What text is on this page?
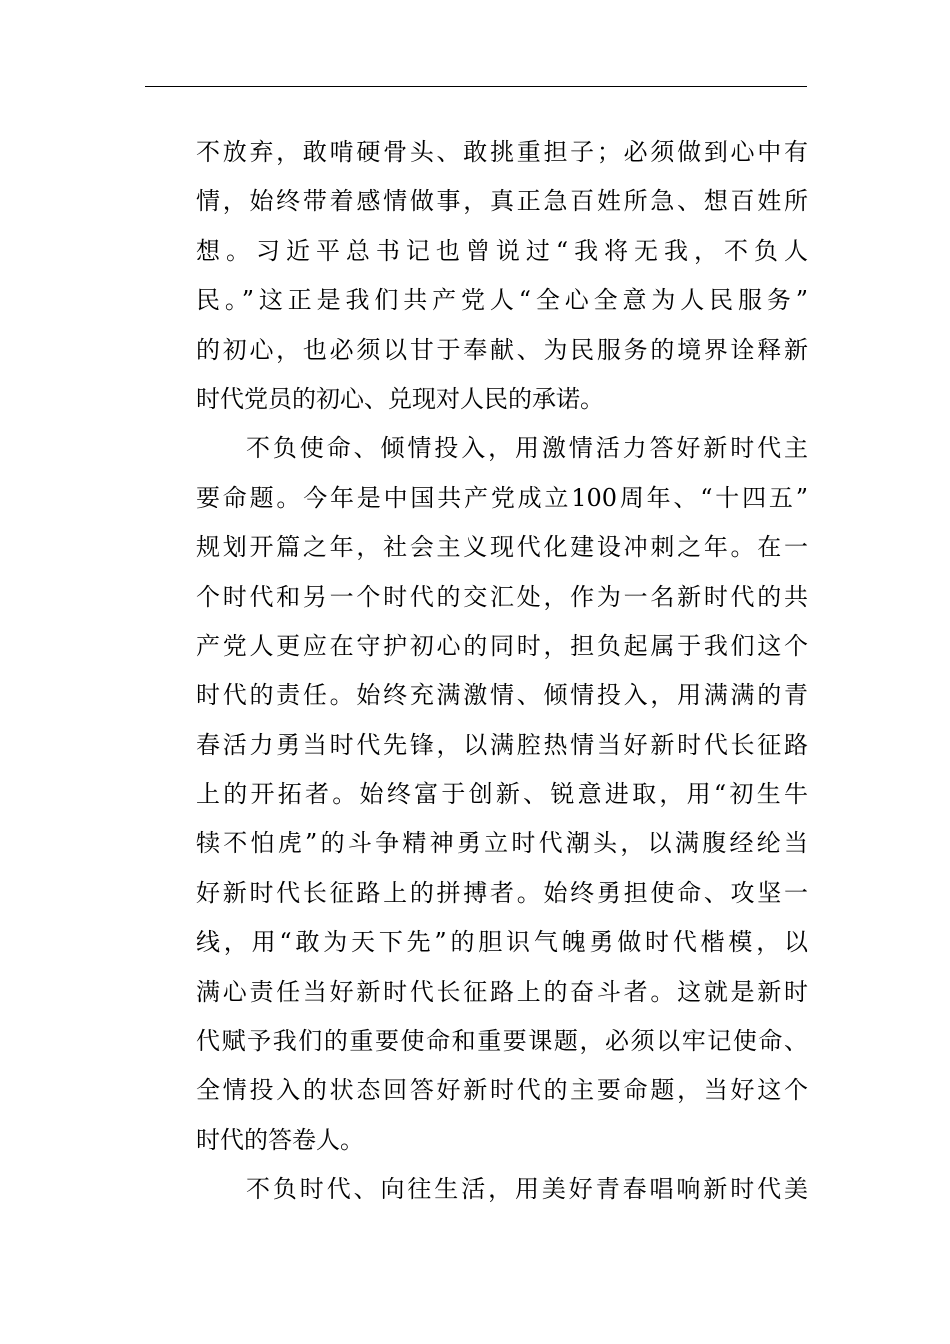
不放弃，敢啃硬骨头、敢挑重担子；必须做到心中有
情，始终带着感情做事，真正急百姓所急、想百姓所
想。习近平总书记也曾说过“我将无我，不负人
民。”这正是我们共产党人“全心全意为人民服务”
的初心，也必须以甘于奉献、为民服务的境界诠释新
时代党员的初心、兑现对人民的承诺。
不负使命、倾情投入，用激情活力答好新时代主
要命题。今年是中国共产党成立100周年、“十四五”
规划开篇之年，社会主义现代化建设冲刺之年。在一
个时代和另一个时代的交汇处，作为一名新时代的共
产党人更应在守护初心的同时，担负起属于我们这个
时代的责任。始终充满激情、倾情投入，用满满的青
春活力勇当时代先锋，以满腔热情当好新时代长征路
上的开拓者。始终富于创新、锐意进取，用“初生牛
犊不怕虎”的斗争精神勇立时代潮头，以满腹经纶当
好新时代长征路上的拼搏者。始终勇担使命、攻坚一
线，用“敢为天下先”的胆识气魄勇做时代楷模，以
满心责任当好新时代长征路上的奋斗者。这就是新时
代赋予我们的重要使命和重要课题，必须以牢记使命、
全情投入的状态回答好新时代的主要命题，当好这个
时代的答卷人。
不负时代、向往生活，用美好青春唱响新时代美
